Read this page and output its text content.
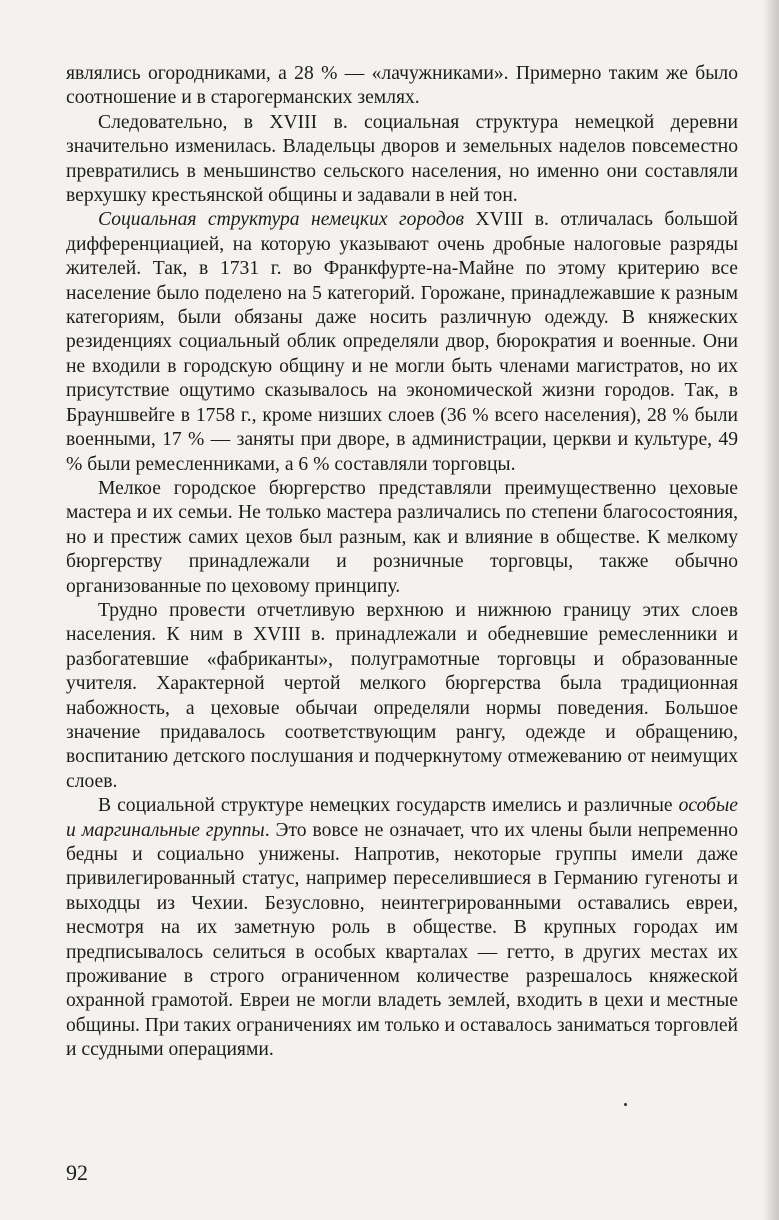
являлись огородниками, а 28 % — «лачужниками». Примерно таким же было соотношение и в старогерманских землях.

Следовательно, в XVIII в. социальная структура немецкой деревни значительно изменилась. Владельцы дворов и земельных наделов повсеместно превратились в меньшинство сельского населения, но именно они составляли верхушку крестьянской общины и задавали в ней тон.

Социальная структура немецких городов XVIII в. отличалась большой дифференциацией, на которую указывают очень дробные налоговые разряды жителей. Так, в 1731 г. во Франкфурте-на-Майне по этому критерию все население было поделено на 5 категорий. Горожане, принадлежавшие к разным категориям, были обязаны даже носить различную одежду. В княжеских резиденциях социальный облик определяли двор, бюрократия и военные. Они не входили в городскую общину и не могли быть членами магистратов, но их присутствие ощутимо сказывалось на экономической жизни городов. Так, в Брауншвейге в 1758 г., кроме низших слоев (36 % всего населения), 28 % были военными, 17 % — заняты при дворе, в администрации, церкви и культуре, 49 % были ремесленниками, а 6 % составляли торговцы.

Мелкое городское бюргерство представляли преимущественно цеховые мастера и их семьи. Не только мастера различались по степени благосостояния, но и престиж самих цехов был разным, как и влияние в обществе. К мелкому бюргерству принадлежали и розничные торговцы, также обычно организованные по цеховому принципу.

Трудно провести отчетливую верхнюю и нижнюю границу этих слоев населения. К ним в XVIII в. принадлежали и обедневшие ремесленники и разбогатевшие «фабриканты», полуграмотные торговцы и образованные учителя. Характерной чертой мелкого бюргерства была традиционная набожность, а цеховые обычаи определяли нормы поведения. Большое значение придавалось соответствующим рангу, одежде и обращению, воспитанию детского послушания и подчеркнутому отмежеванию от неимущих слоев.

В социальной структуре немецких государств имелись и различные особые и маргинальные группы. Это вовсе не означает, что их члены были непременно бедны и социально унижены. Напротив, некоторые группы имели даже привилегированный статус, например переселившиеся в Германию гугеноты и выходцы из Чехии. Безусловно, неинтегрированными оставались евреи, несмотря на их заметную роль в обществе. В крупных городах им предписывалось селиться в особых кварталах — гетто, в других местах их проживание в строго ограниченном количестве разрешалось княжеской охранной грамотой. Евреи не могли владеть землей, входить в цехи и местные общины. При таких ограничениях им только и оставалось заниматься торговлей и ссудными операциями.

92
